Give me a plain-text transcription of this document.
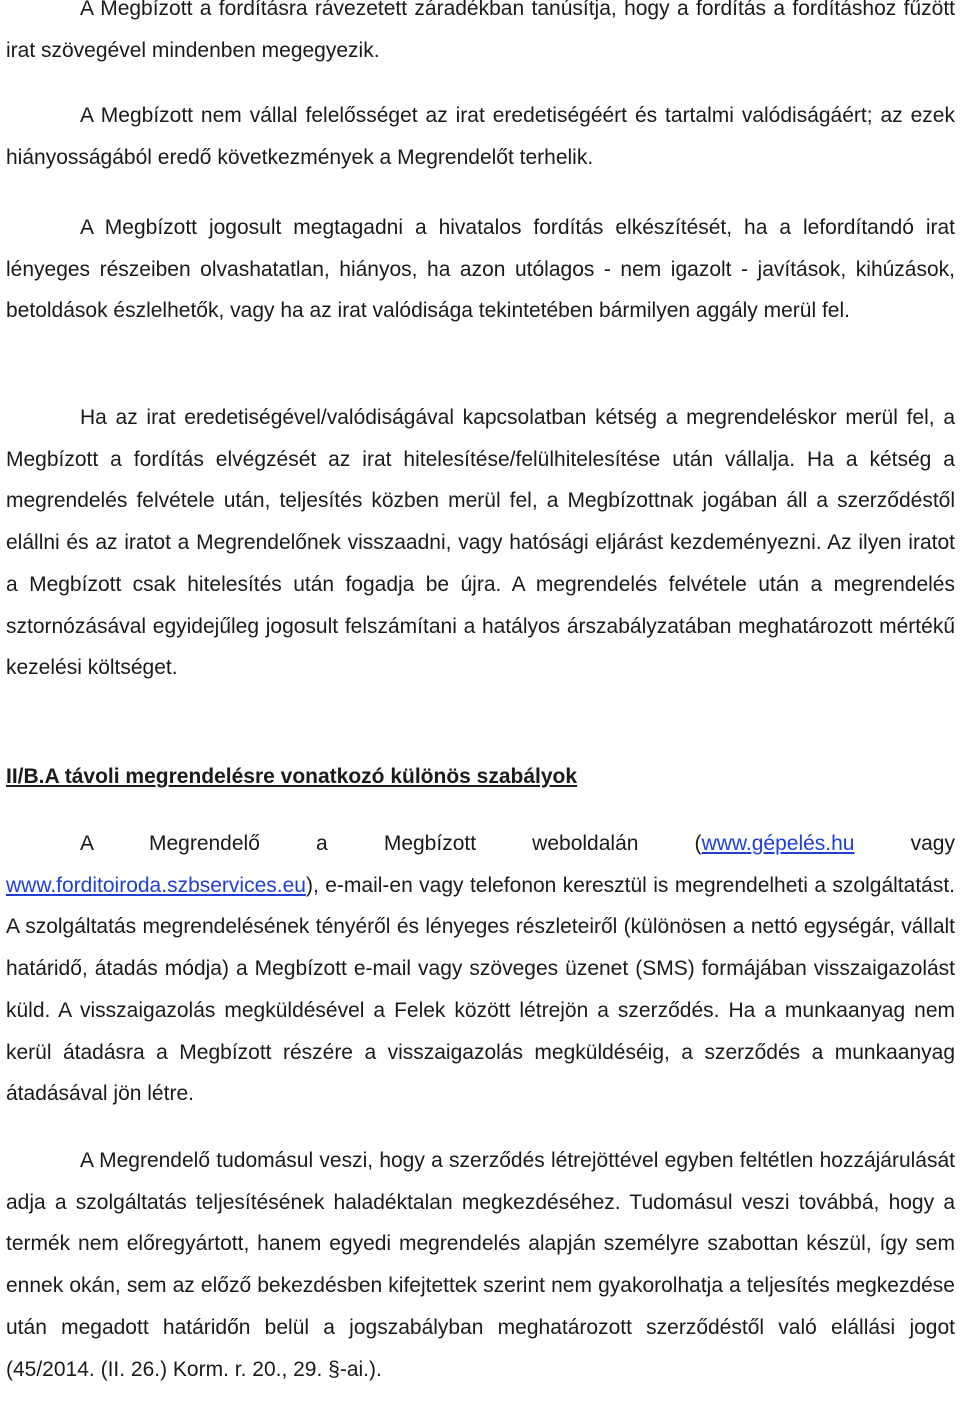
A Megbízott a fordításra rávezetett záradékban tanúsítja, hogy a fordítás a fordításhoz fűzött irat szövegével mindenben megegyezik.

A Megbízott nem vállal felelősséget az irat eredetiségéért és tartalmi valódiságáért; az ezek hiányosságából eredő következmények a Megrendelőt terhelik.

A Megbízott jogosult megtagadni a hivatalos fordítás elkészítését, ha a lefordítandó irat lényeges részeiben olvashatatlan, hiányos, ha azon utólagos - nem igazolt - javítások, kihúzások, betoldások észlelhetők, vagy ha az irat valódisága tekintetében bármilyen aggály merül fel.

Ha az irat eredetiségével/valódiságával kapcsolatban kétség a megrendeléskor merül fel, a Megbízott a fordítás elvégzését az irat hitelesítése/felülhitelesítése után vállalja. Ha a kétség a megrendelés felvétele után, teljesítés közben merül fel, a Megbízottnak jogában áll a szerződéstől elállni és az iratot a Megrendelőnek visszaadni, vagy hatósági eljárást kezdeményezni. Az ilyen iratot a Megbízott csak hitelesítés után fogadja be újra. A megrendelés felvétele után a megrendelés sztornózásával egyidejűleg jogosult felszámítani a hatályos árszabályzatában meghatározott mértékű kezelési költséget.

II/B.A távoli megrendelésre vonatkozó különös szabályok

A Megrendelő a Megbízott weboldalán (www.gépelés.hu vagy www.forditoiroda.szbservices.eu), e-mail-en vagy telefonon keresztül is megrendelheti a szolgáltatást. A szolgáltatás megrendelésének tényéről és lényeges részleteiről (különösen a nettó egységár, vállalt határidő, átadás módja) a Megbízott e-mail vagy szöveges üzenet (SMS) formájában visszaigazolást küld. A visszaigazolás megküldésével a Felek között létrejön a szerződés. Ha a munkaanyag nem kerül átadásra a Megbízott részére a visszaigazolás megküldéséig, a szerződés a munkaanyag átadásával jön létre.

A Megrendelő tudomásul veszi, hogy a szerződés létrejöttével egyben feltétlen hozzájárulását adja a szolgáltatás teljesítésének haladéktalan megkezdéséhez. Tudomásul veszi továbbá, hogy a termék nem előregyártott, hanem egyedi megrendelés alapján személyre szabottan készül, így sem ennek okán, sem az előző bekezdésben kifejtettek szerint nem gyakorolhatja a teljesítés megkezdése után megadott határidőn belül a jogszabályban meghatározott szerződéstől való elállási jogot (45/2014. (II. 26.) Korm. r. 20., 29. §-ai.).
